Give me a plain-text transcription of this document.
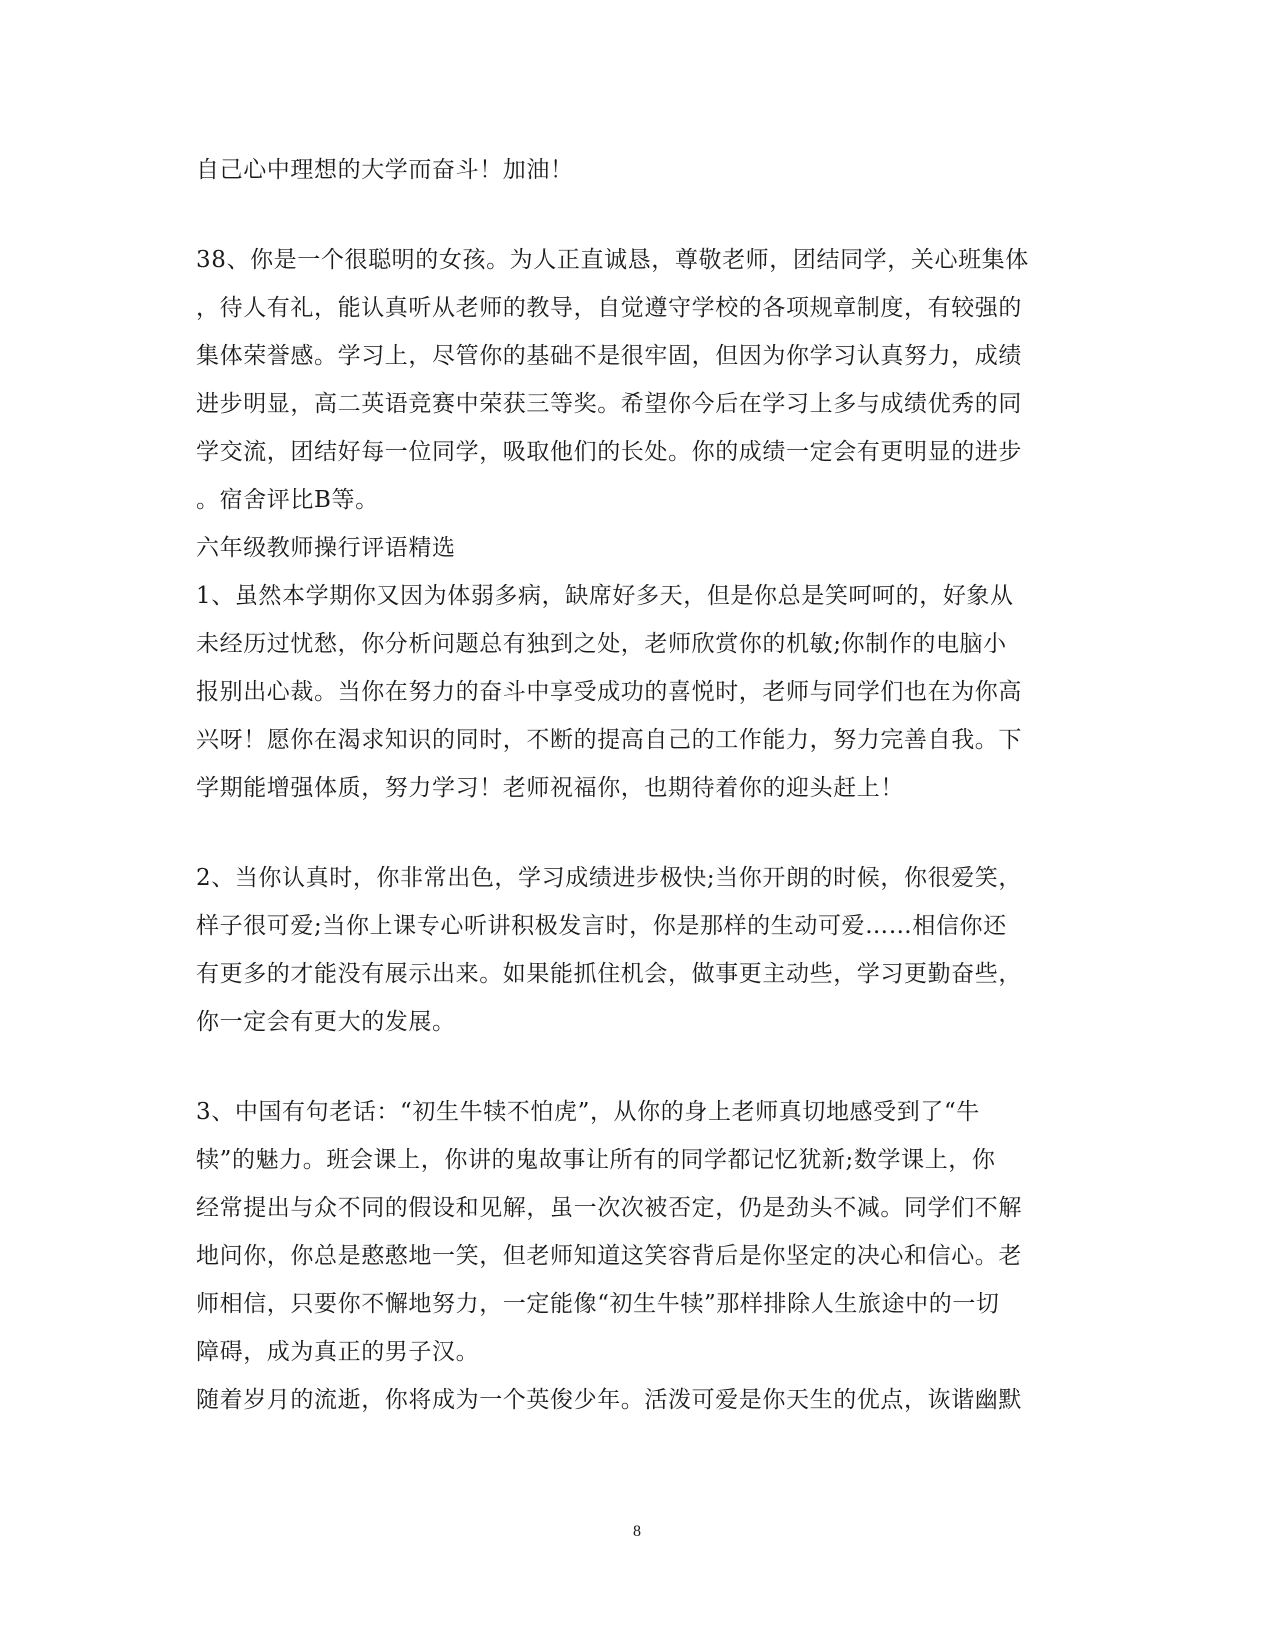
自己心中理想的大学而奋斗！加油！
38、你是一个很聪明的女孩。为人正直诚恳，尊敬老师，团结同学，关心班集体
，待人有礼，能认真听从老师的教导，自觉遵守学校的各项规章制度，有较强的
集体荣誉感。学习上，尽管你的基础不是很牢固，但因为你学习认真努力，成绩
进步明显，高二英语竞赛中荣获三等奖。希望你今后在学习上多与成绩优秀的同
学交流，团结好每一位同学，吸取他们的长处。你的成绩一定会有更明显的进步
。宿舍评比B等。
六年级教师操行评语精选
1、虽然本学期你又因为体弱多病，缺席好多天，但是你总是笑呵呵的，好象从
未经历过忧愁，你分析问题总有独到之处，老师欣赏你的机敏;你制作的电脑小
报别出心裁。当你在努力的奋斗中享受成功的喜悦时，老师与同学们也在为你高
兴呀！愿你在渴求知识的同时，不断的提高自己的工作能力，努力完善自我。下
学期能增强体质，努力学习！老师祝福你，也期待着你的迎头赶上！
2、当你认真时，你非常出色，学习成绩进步极快;当你开朗的时候，你很爱笑，
样子很可爱;当你上课专心听讲积极发言时，你是那样的生动可爱……相信你还
有更多的才能没有展示出来。如果能抓住机会，做事更主动些，学习更勤奋些，
你一定会有更大的发展。
3、中国有句老话：“初生牛犊不怕虎”，从你的身上老师真切地感受到了“牛
犊”的魅力。班会课上，你讲的鬼故事让所有的同学都记忆犹新;数学课上，你
经常提出与众不同的假设和见解，虽一次次被否定，仍是劲头不减。同学们不解
地问你，你总是憨憨地一笑，但老师知道这笑容背后是你坚定的决心和信心。老
师相信，只要你不懈地努力，一定能像“初生牛犊”那样排除人生旅途中的一切
障碍，成为真正的男子汉。
随着岁月的流逝，你将成为一个英俊少年。活泼可爱是你天生的优点，诙谐幽默
8
